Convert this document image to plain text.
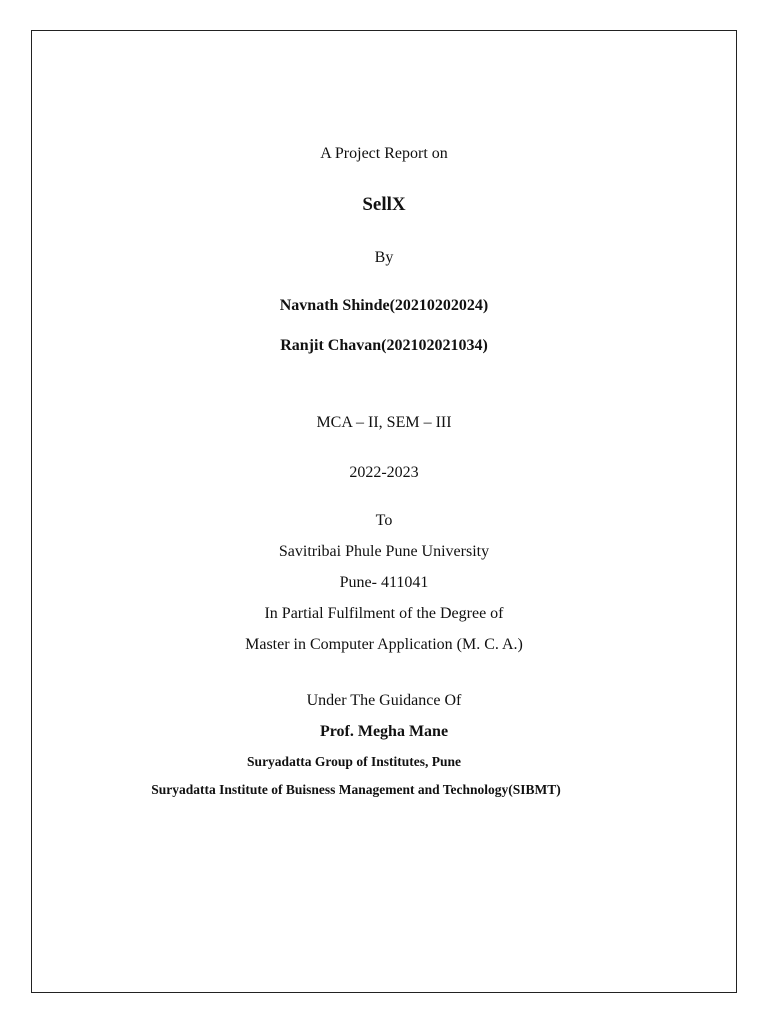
A Project Report on
SellX
By
Navnath Shinde(20210202024)
Ranjit Chavan(202102021034)
MCA – II, SEM – III
2022-2023
To
Savitribai Phule Pune University
Pune- 411041
In Partial Fulfilment of the Degree of
Master in Computer Application (M. C. A.)
Under The Guidance Of
Prof. Megha Mane
Suryadatta Group of Institutes, Pune
Suryadatta Institute of Buisness Management and Technology(SIBMT)
